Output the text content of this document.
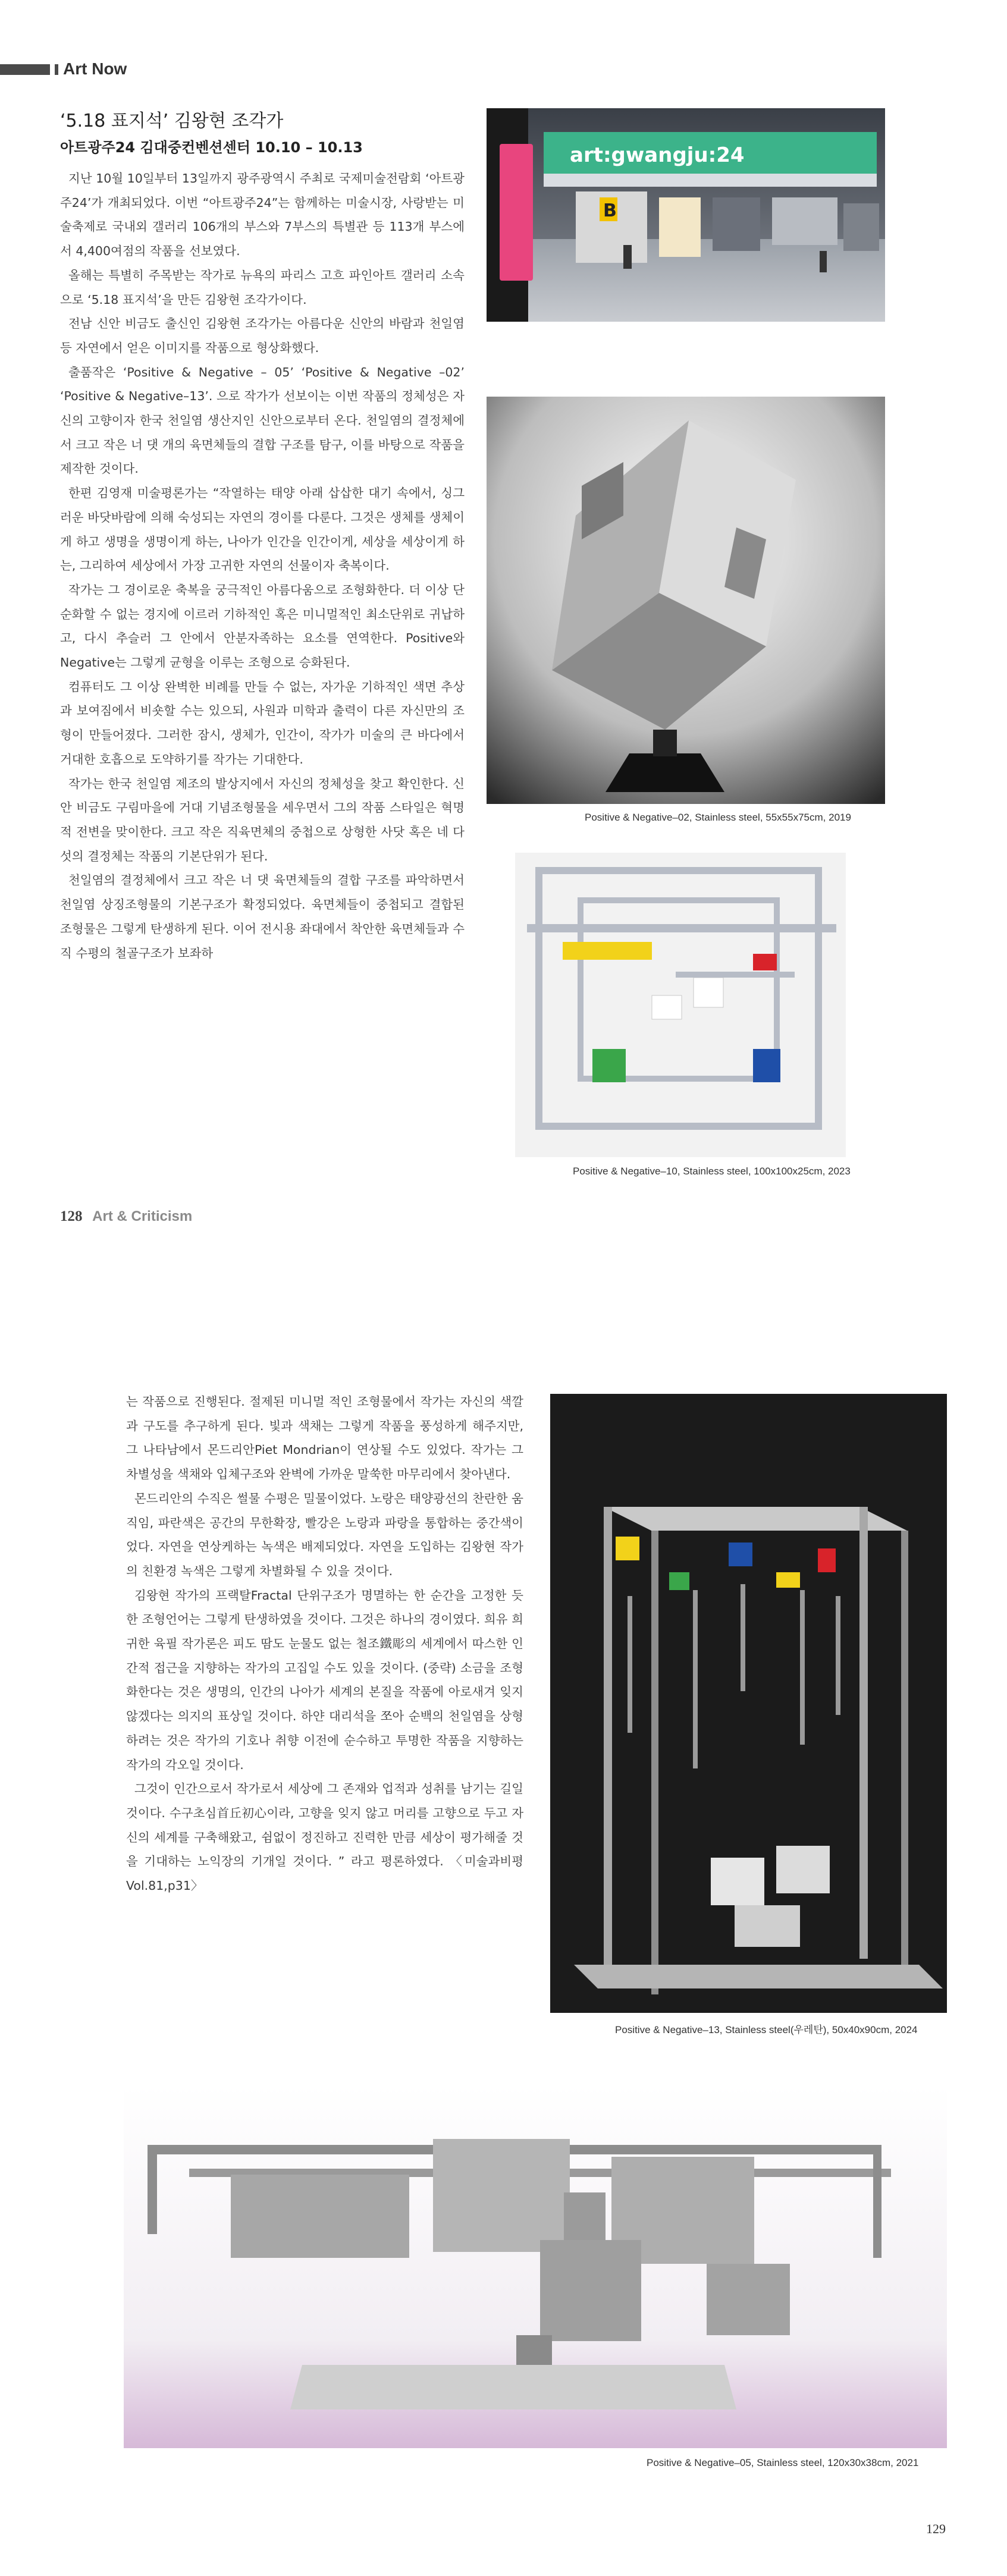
Art Now
‘5.18 표지석’ 김왕현 조각가
아트광주24 김대중컨벤션센터 10.10 – 10.13

지난 10월 10일부터 13일까지 광주광역시 주최로 국제미술전람회 ‘아트광주24’가 개최되었다. 이번 “아트광주24”는 함께하는 미술시장, 사랑받는 미술축제로 국내외 갤러리 106개의 부스와 7부스의 특별관 등 113개 부스에서 4,400여점의 작품을 선보였다.

올해는 특별히 주목받는 작가로 뉴욕의 파리스 고흐 파인아트 갤러리 소속으로 ‘5.18 표지석’을 만든 김왕현 조각가이다.

전남 신안 비금도 출신인 김왕현 조각가는 아름다운 신안의 바람과 천일염 등 자연에서 얻은 이미지를 작품으로 형상화했다.

출품작은 ‘Positive & Negative – 05’ ‘Positive & Negative –02’ ‘Positive & Negative–13’. 으로 작가가 선보이는 이번 작품의 정체성은 자신의 고향이자 한국 천일염 생산지인 신안으로부터 온다. 천일염의 결정체에서 크고 작은 너 댓 개의 육면체들의 결합 구조를 탐구, 이를 바탕으로 작품을 제작한 것이다.

한편 김영재 미술평론가는 “작열하는 태양 아래 삽삽한 대기 속에서, 싱그러운 바닷바람에 의해 숙성되는 자연의 경이를 다룬다. 그것은 생체를 생체이게 하고 생명을 생명이게 하는, 나아가 인간을 인간이게, 세상을 세상이게 하는, 그리하여 세상에서 가장 고귀한 자연의 선물이자 축복이다.

작가는 그 경이로운 축복을 궁극적인 아름다움으로 조형화한다. 더 이상 단순화할 수 없는 경지에 이르러 기하적인 혹은 미니멀적인 최소단위로 귀납하고, 다시 추슬러 그 안에서 안분자족하는 요소를 연역한다. Positive와 Negative는 그렇게 균형을 이루는 조형으로 승화된다.

컴퓨터도 그 이상 완벽한 비례를 만들 수 없는, 자가운 기하적인 색면 추상과 보여짐에서 비숏할 수는 있으되, 사원과 미학과 출력이 다른 자신만의 조형이 만들어졌다. 그러한 잠시, 생체가, 인간이, 작가가 미술의 큰 바다에서 거대한 호흡으로 도약하기를 작가는 기대한다.

작가는 한국 천일염 제조의 발상지에서 자신의 정체성을 찾고 확인한다. 신안 비금도 구림마을에 거대 기념조형물을 세우면서 그의 작품 스타일은 혁명적 전변을 맞이한다. 크고 작은 직육면체의 중첩으로 상형한 사닷 혹은 네 다섯의 결정체는 작품의 기본단위가 된다.

천일염의 결정체에서 크고 작은 너 댓 육면체들의 결합 구조를 파악하면서 천일염 상징조형물의 기본구조가 확정되었다. 육면체들이 중첩되고 결합된 조형물은 그렇게 탄생하게 된다. 이어 전시용 좌대에서 착안한 육면체들과 수직 수평의 철골구조가 보좌하

art:gwangju:24
B
Positive & Negative–02, Stainless steel, 55x55x75cm, 2019
Positive & Negative–10, Stainless steel, 100x100x25cm, 2023
128 Art & Criticism

는 작품으로 진행된다. 절제된 미니멀 적인 조형물에서 작가는 자신의 색깔과 구도를 추구하게 된다. 빛과 색채는 그렇게 작품을 풍성하게 해주지만, 그 나타남에서 몬드리안Piet Mondrian이 연상될 수도 있었다. 작가는 그 차별성을 색채와 입체구조와 완벽에 가까운 말쑥한 마무리에서 찾아낸다.

몬드리안의 수직은 썰물 수평은 밀물이었다. 노랑은 태양광선의 찬란한 움직임, 파란색은 공간의 무한확장, 빨강은 노랑과 파랑을 통합하는 중간색이었다. 자연을 연상케하는 녹색은 배제되었다. 자연을 도입하는 김왕현 작가의 친환경 녹색은 그렇게 차별화될 수 있을 것이다.

김왕현 작가의 프랙탈Fractal 단위구조가 명멸하는 한 순간을 고정한 듯한 조형언어는 그렇게 탄생하였을 것이다. 그것은 하나의 경이였다. 희유 희귀한 육필 작가론은 피도 땀도 눈물도 없는 철조鐵彫의 세계에서 따스한 인간적 접근을 지향하는 작가의 고집일 수도 있을 것이다. (중략) 소금을 조형화한다는 것은 생명의, 인간의 나아가 세계의 본질을 작품에 아로새겨 잊지 않겠다는 의지의 표상일 것이다. 하얀 대리석을 쪼아 순백의 천일염을 상형하려는 것은 작가의 기호나 취향 이전에 순수하고 투명한 작품을 지향하는 작가의 각오일 것이다.

그것이 인간으로서 작가로서 세상에 그 존재와 업적과 성취를 남기는 길일 것이다. 수구초심首丘初心이라, 고향을 잊지 않고 머리를 고향으로 두고 자신의 세계를 구축해왔고, 쉼없이 정진하고 진력한 만큼 세상이 평가해줄 것을 기대하는 노익장의 기개일 것이다. ” 라고 평론하였다. 〈미술과비평 Vol.81,p31〉

Positive & Negative–13, Stainless steel(우레탄), 50x40x90cm, 2024
Positive & Negative–05, Stainless steel, 120x30x38cm, 2021
129
